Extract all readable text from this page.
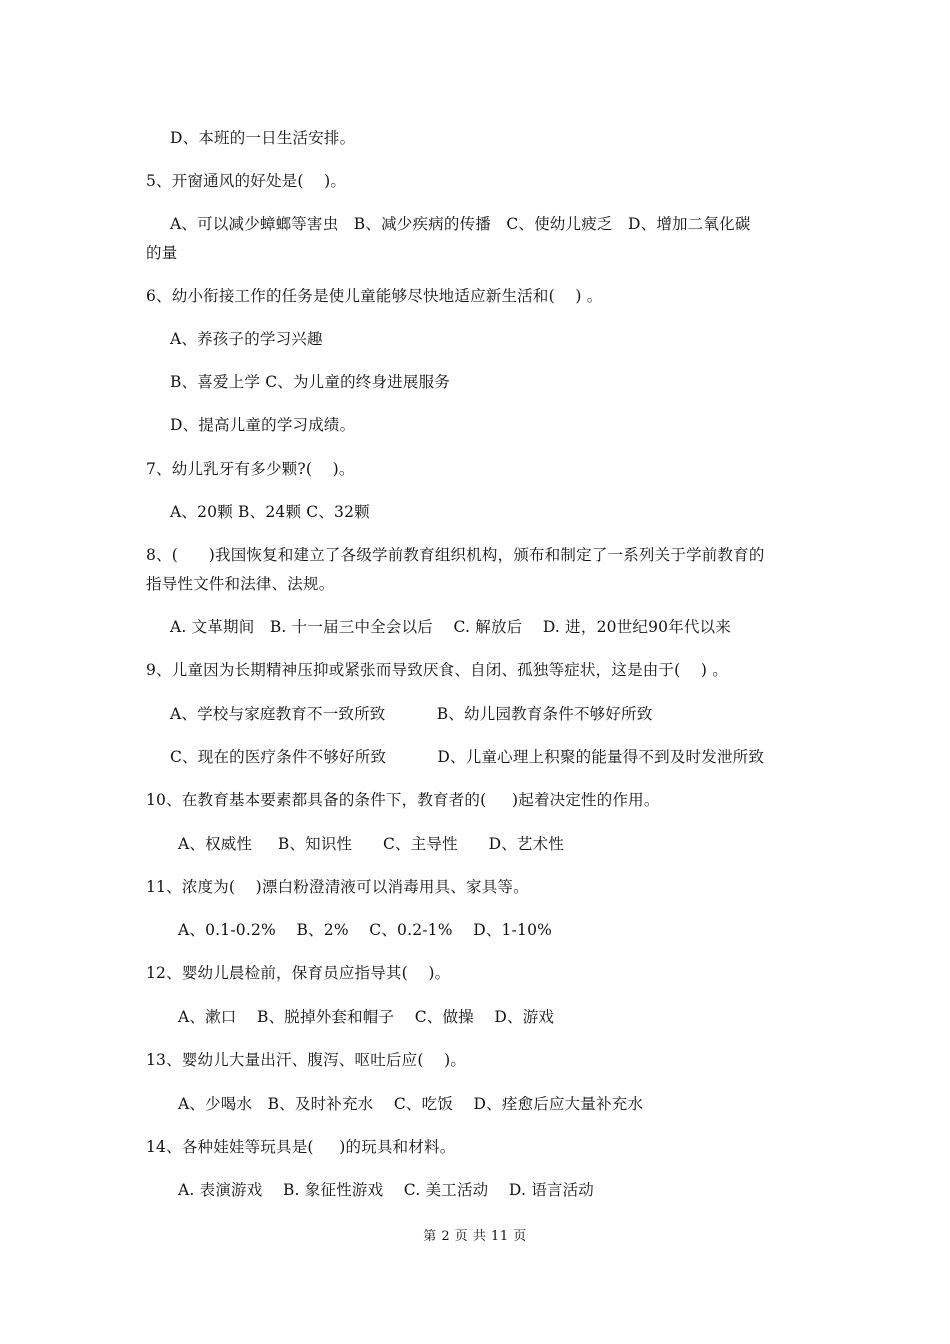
D、本班的一日生活安排。
5、开窗通风的好处是(    )。
A、可以减少蟑螂等害虫   B、减少疾病的传播   C、使幼儿疲乏   D、增加二氧化碳
的量
6、幼小衔接工作的任务是使儿童能够尽快地适应新生活和(    ) 。
A、养孩子的学习兴趣
B、喜爱上学 C、为儿童的终身进展服务
D、提高儿童的学习成绩。
7、幼儿乳牙有多少颗?(    )。
A、20颗 B、24颗 C、32颗
8、(      )我国恢复和建立了各级学前教育组织机构，颁布和制定了一系列关于学前教育的
指导性文件和法律、法规。
A. 文革期间   B. 十一届三中全会以后    C. 解放后    D. 进，20世纪90年代以来
9、儿童因为长期精神压抑或紧张而导致厌食、自闭、孤独等症状，这是由于(    ) 。
A、学校与家庭教育不一致所致          B、幼儿园教育条件不够好所致
C、现在的医疗条件不够好所致          D、儿童心理上积聚的能量得不到及时发泄所致
10、在教育基本要素都具备的条件下，教育者的(     )起着决定性的作用。
A、权威性     B、知识性      C、主导性      D、艺术性
11、浓度为(    )漂白粉澄清液可以消毒用具、家具等。
A、0.1-0.2%    B、2%    C、0.2-1%    D、1-10%
12、婴幼儿晨检前，保育员应指导其(    )。
A、漱口    B、脱掉外套和帽子    C、做操    D、游戏
13、婴幼儿大量出汗、腹泻、呕吐后应(    )。
A、少喝水   B、及时补充水    C、吃饭    D、痊愈后应大量补充水
14、各种娃娃等玩具是(     )的玩具和材料。
A. 表演游戏    B. 象征性游戏    C. 美工活动    D. 语言活动
第 2 页 共 11 页
